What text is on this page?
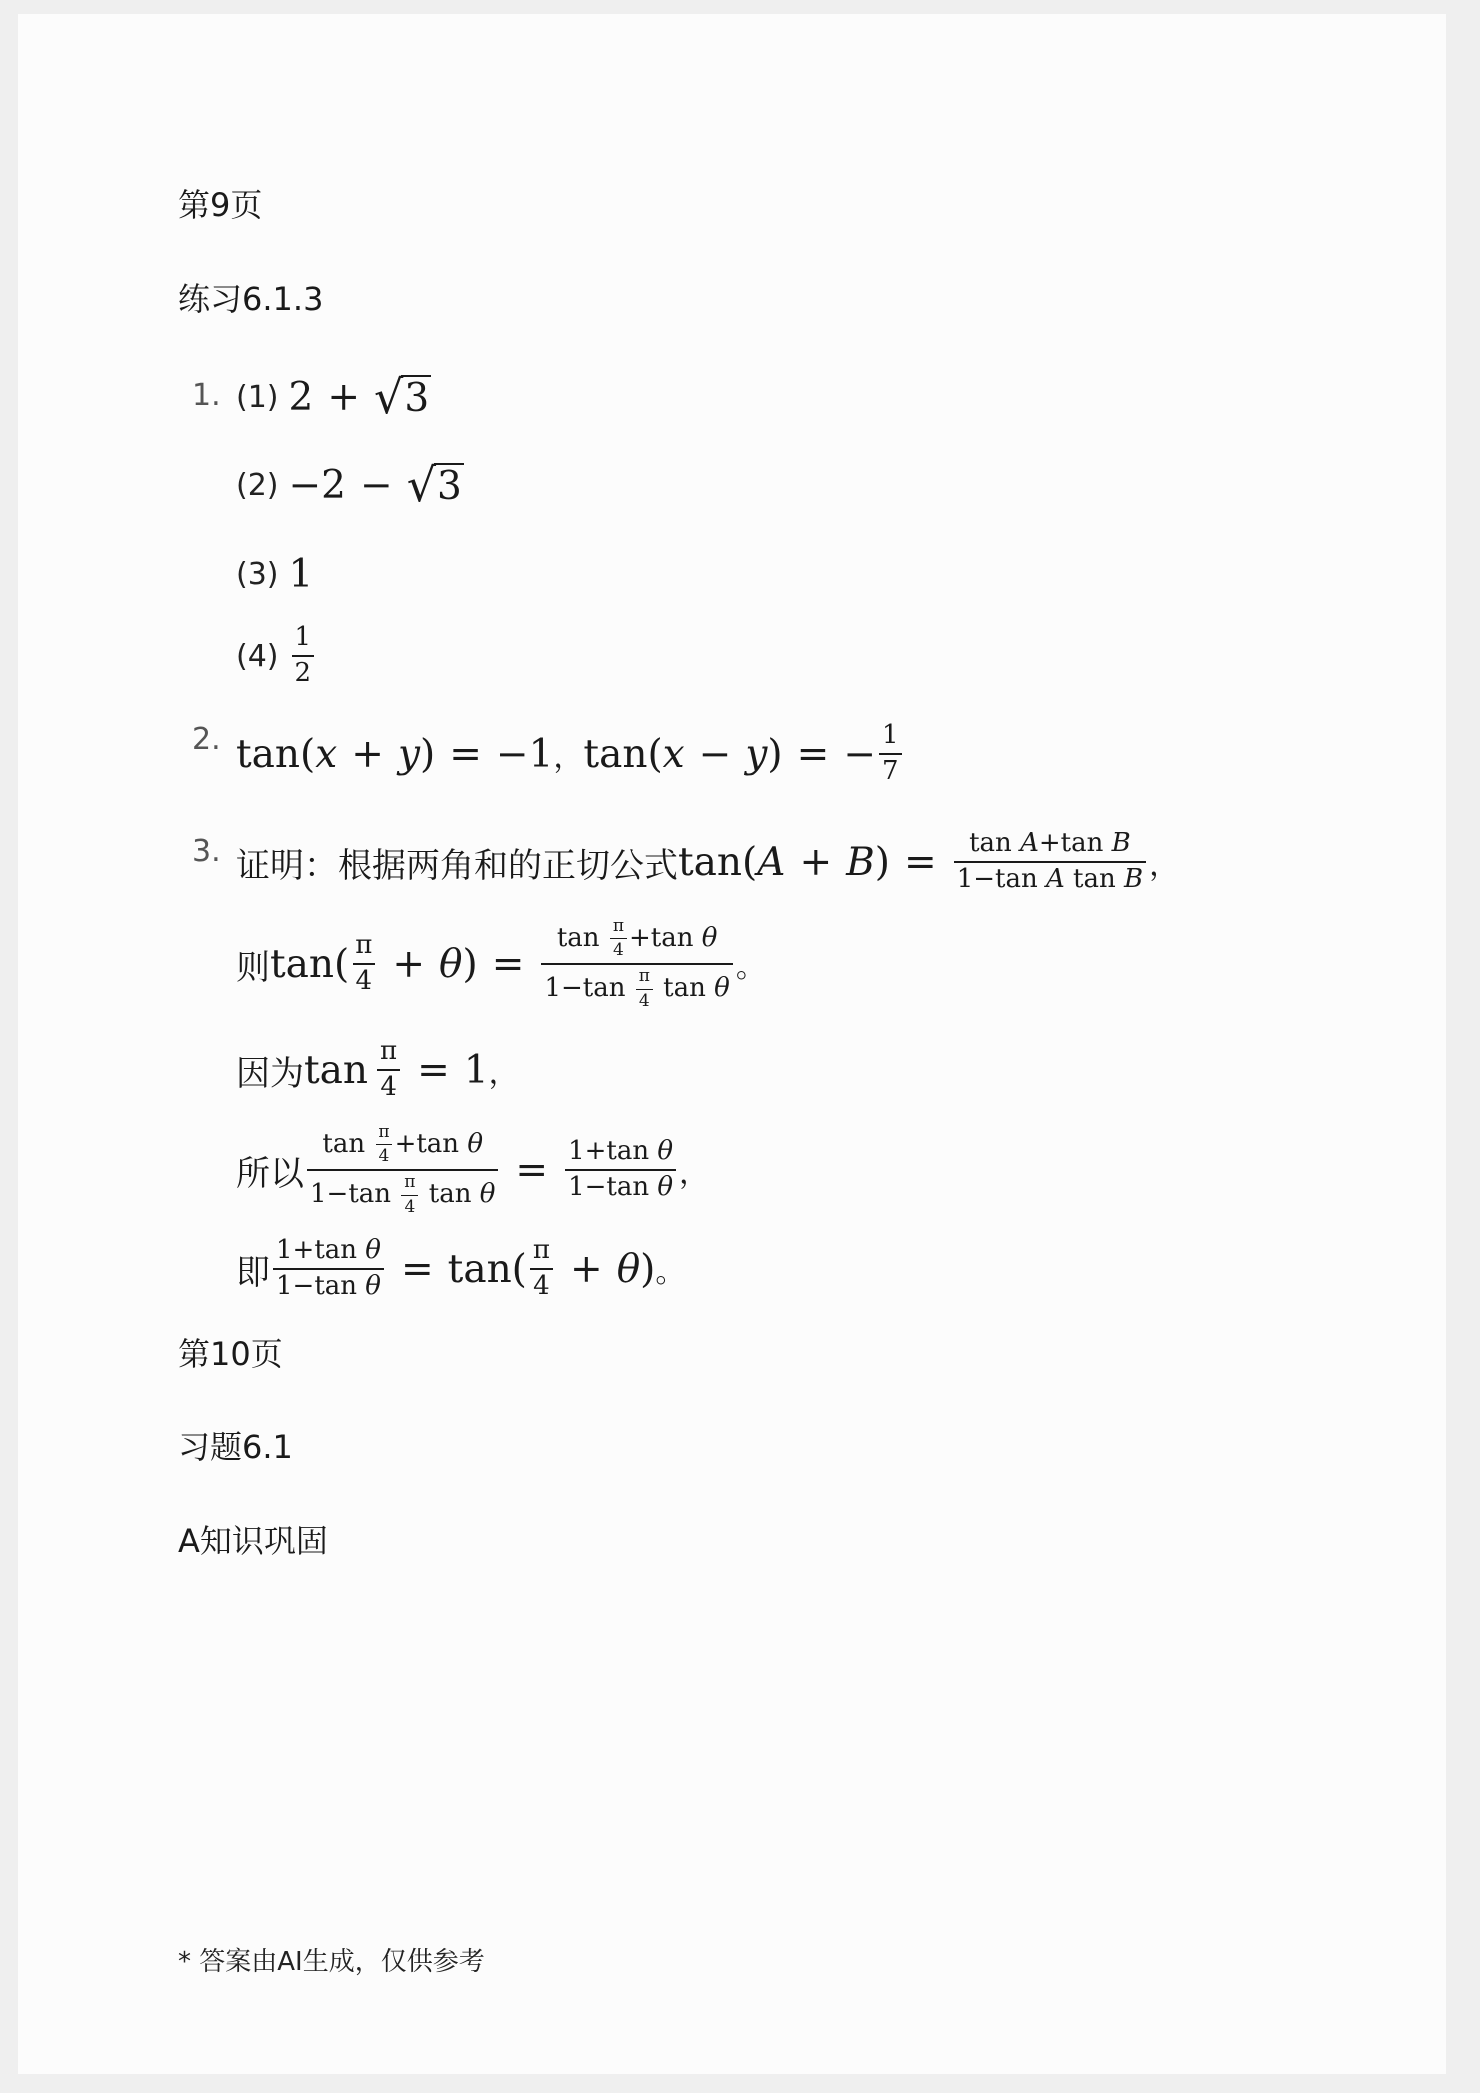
第9页
练习6.1.3
1. (1) 2 + √ 3
(2) −2 − √ 3
(3) 1
$(4) \frac{1}{2}$
2. tan( x + y ) = −1 ， tan( x − y ) = − $\frac{1}{7}$
3. 证明：根据两角和的正切公式 tan( A + B ) = $\frac{\text{tan A+tan B}}{\text{1−tan A tan B}}$ ，
则 $\tan( \frac{\pi}{4} + \theta$ ) = $\frac{\tan \frac{\pi}{4} +\tan \theta}{1-\tan \frac{\pi}{4} \tan \theta}$ 。
因为 $\tan \frac{\pi}{4} = 1$ ，
所以 $\frac{\tan \frac{\pi}{4} +\tan \theta}{1-\tan \frac{\pi}{4} \tan \theta} = \frac{\text{1+tan θ}}{\text{1−tan θ}}$ ，
即 $\frac{\text{1+tan θ}}{\text{1−tan θ}} = \tan( \frac{\pi}{4} + \theta$ ) 。
第10页
习题6.1
A知识巩固
* 答案由AI生成，仅供参考
